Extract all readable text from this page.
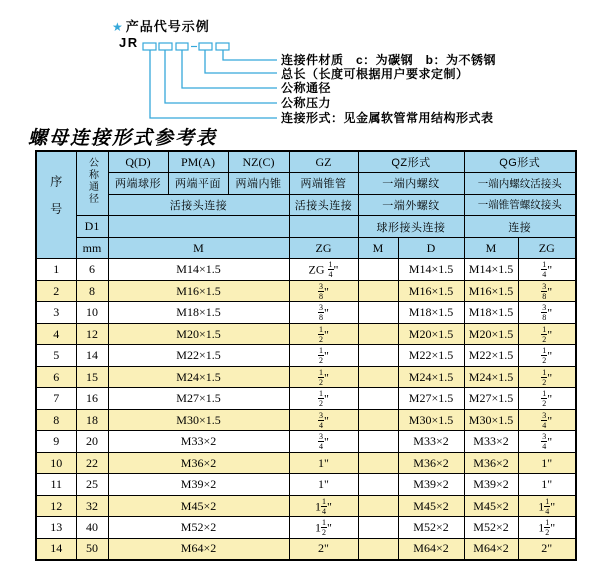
★ 产品代号示例
JR
连接件材质　c：为碳钢　b：为不锈钢
总长（长度可根据用户要求定制）
公称通径
公称压力
连接形式：见金属软管常用结构形式表
螺母连接形式参考表
序号	公称通径	Q(D)	PM(A)	NZ(C)	GZ	QZ形式		QG形式	
		两端球形	两端平面	两端内锥	两端锥管	一端内螺纹		一端内螺纹活接头	
		活接头连接			活接头连接	一端外螺纹		一端锥管螺纹接头	
	D1					球形接头连接		连接	
	mm	M			ZG	M	D	M	ZG
1	6	M14×1.5			ZG $\frac{1}{4}$ "		M14×1.5	M14×1.5	$\frac{1}{4}$ "
2	8	M16×1.5			$\frac{3}{8}$ "		M16×1.5	M16×1.5	$\frac{3}{8}$ "
3	10	M18×1.5			$\frac{3}{8}$ "		M18×1.5	M18×1.5	$\frac{3}{8}$ "
4	12	M20×1.5			$\frac{1}{2}$ "		M20×1.5	M20×1.5	$\frac{1}{2}$ "
5	14	M22×1.5			$\frac{1}{2}$ "		M22×1.5	M22×1.5	$\frac{1}{2}$ "
6	15	M24×1.5			$\frac{1}{2}$ "		M24×1.5	M24×1.5	$\frac{1}{2}$ "
7	16	M27×1.5			$\frac{1}{2}$ "		M27×1.5	M27×1.5	$\frac{1}{2}$ "
8	18	M30×1.5			$\frac{3}{4}$ "		M30×1.5	M30×1.5	$\frac{3}{4}$ "
9	20	M33×2			$\frac{3}{4}$ "		M33×2	M33×2	$\frac{3}{4}$ "
10	22	M36×2			1"		M36×2	M36×2	1"
11	25	M39×2			1"		M39×2	M39×2	1"
12	32	M45×2			$1 \frac{1}{4}$ "		M45×2	M45×2	$1 \frac{1}{4}$ "
13	40	M52×2			$1 \frac{1}{2}$ "		M52×2	M52×2	$1 \frac{1}{2}$ "
14	50	M64×2			2"		M64×2	M64×2	2"
